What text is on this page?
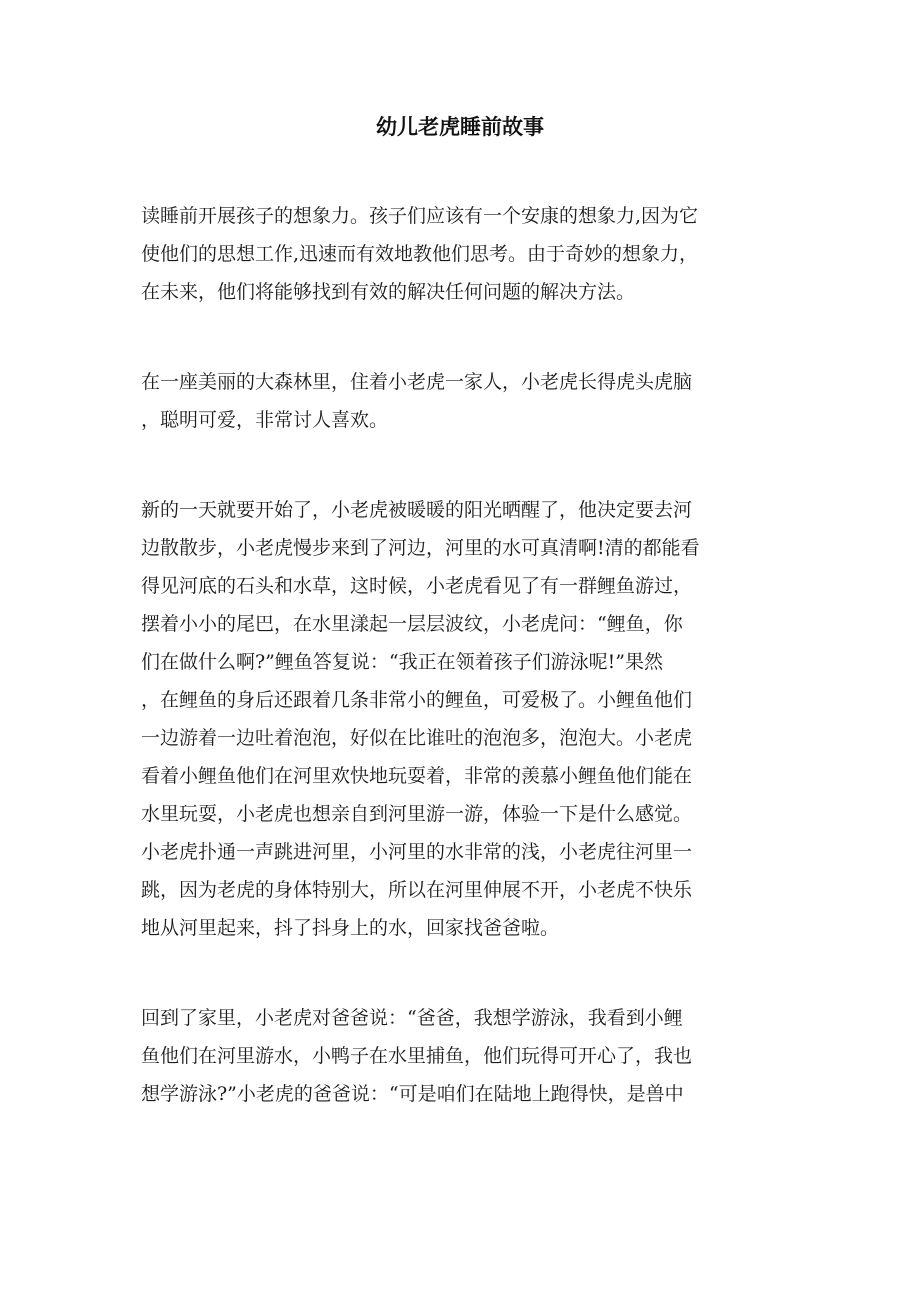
幼儿老虎睡前故事

读睡前开展孩子的想象力。孩子们应该有一个安康的想象力,因为它
使他们的思想工作,迅速而有效地教他们思考。由于奇妙的想象力，
在未来，他们将能够找到有效的解决任何问题的解决方法。

在一座美丽的大森林里，住着小老虎一家人，小老虎长得虎头虎脑
，聪明可爱，非常讨人喜欢。

新的一天就要开始了，小老虎被暖暖的阳光晒醒了，他决定要去河
边散散步，小老虎慢步来到了河边，河里的水可真清啊!清的都能看
得见河底的石头和水草，这时候，小老虎看见了有一群鲤鱼游过，
摆着小小的尾巴，在水里漾起一层层波纹，小老虎问：“鲤鱼，你
们在做什么啊?”鲤鱼答复说：“我正在领着孩子们游泳呢!”果然
，在鲤鱼的身后还跟着几条非常小的鲤鱼，可爱极了。小鲤鱼他们
一边游着一边吐着泡泡，好似在比谁吐的泡泡多，泡泡大。小老虎
看着小鲤鱼他们在河里欢快地玩耍着，非常的羡慕小鲤鱼他们能在
水里玩耍，小老虎也想亲自到河里游一游，体验一下是什么感觉。
小老虎扑通一声跳进河里，小河里的水非常的浅，小老虎往河里一
跳，因为老虎的身体特别大，所以在河里伸展不开，小老虎不快乐
地从河里起来，抖了抖身上的水，回家找爸爸啦。

回到了家里，小老虎对爸爸说：“爸爸，我想学游泳，我看到小鲤
鱼他们在河里游水，小鸭子在水里捕鱼，他们玩得可开心了，我也
想学游泳?”小老虎的爸爸说：“可是咱们在陆地上跑得快，是兽中
